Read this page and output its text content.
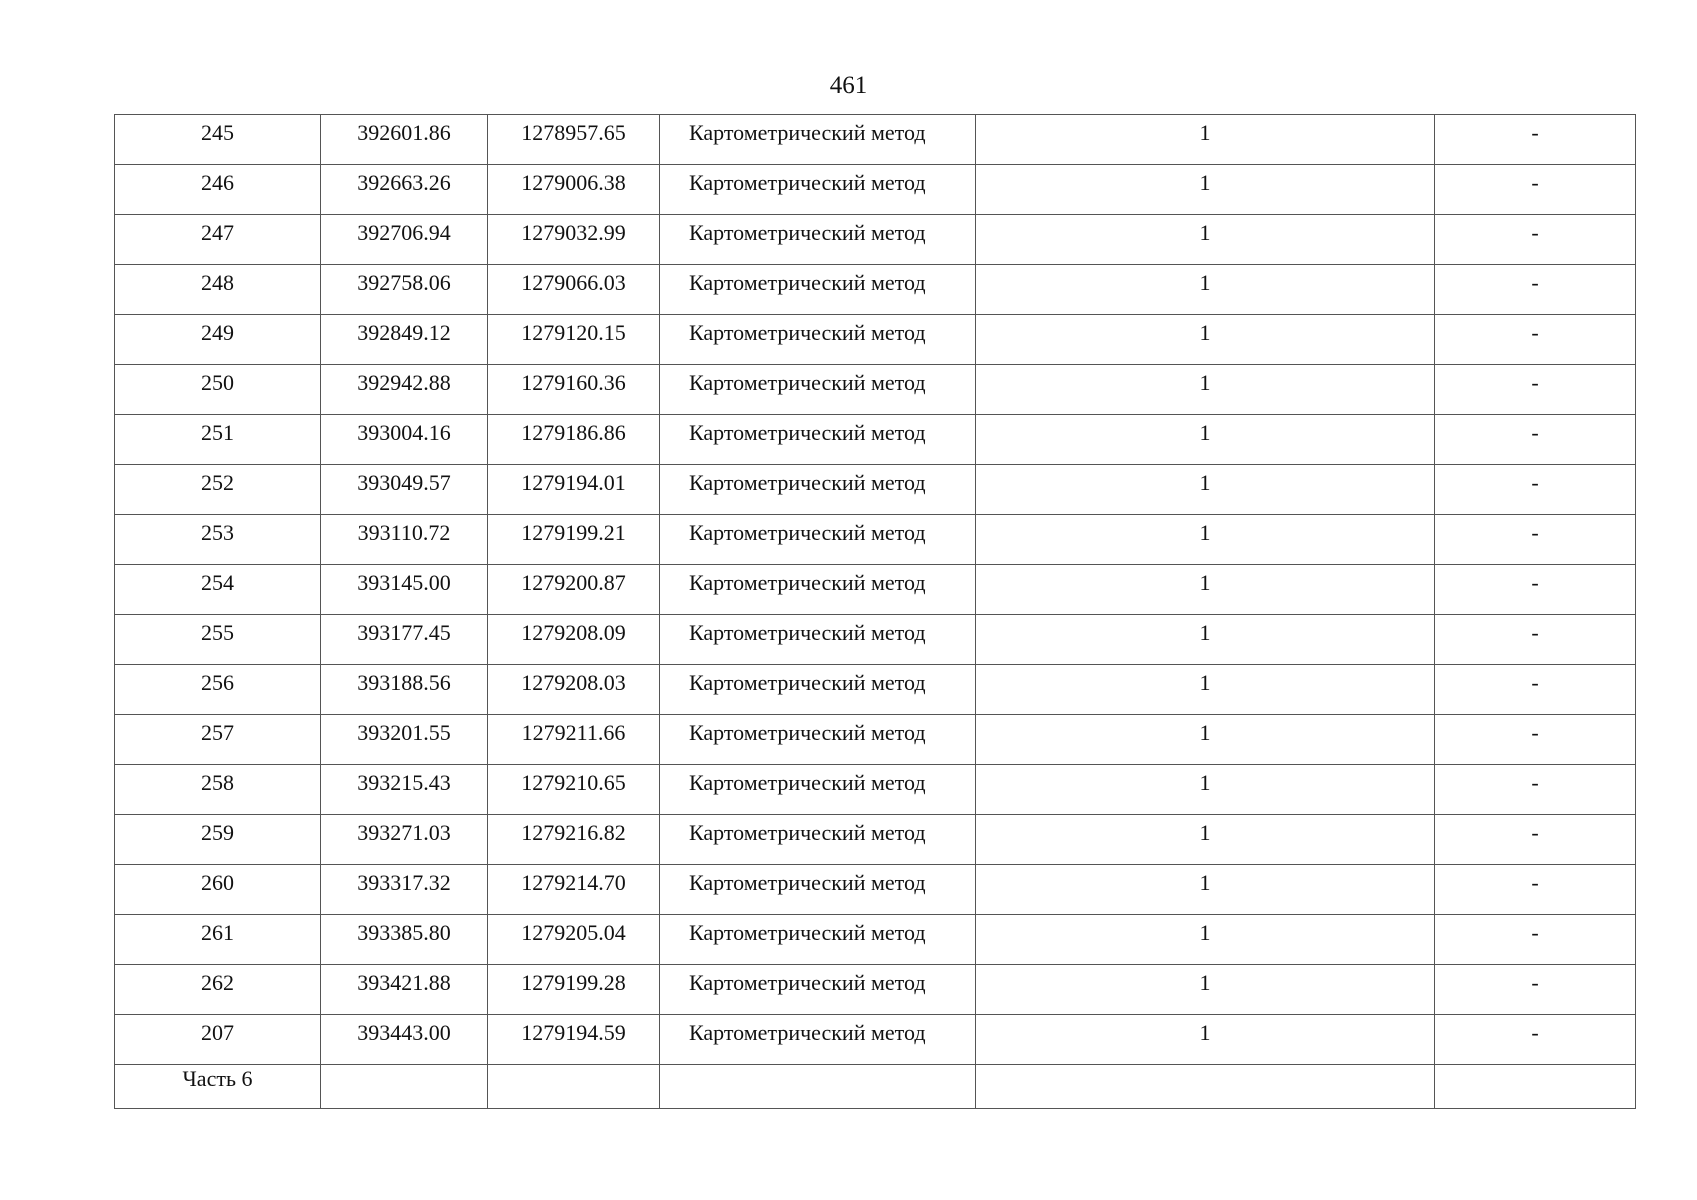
461
245	392601.86	1278957.65	Картометрический метод	1	-
246	392663.26	1279006.38	Картометрический метод	1	-
247	392706.94	1279032.99	Картометрический метод	1	-
248	392758.06	1279066.03	Картометрический метод	1	-
249	392849.12	1279120.15	Картометрический метод	1	-
250	392942.88	1279160.36	Картометрический метод	1	-
251	393004.16	1279186.86	Картометрический метод	1	-
252	393049.57	1279194.01	Картометрический метод	1	-
253	393110.72	1279199.21	Картометрический метод	1	-
254	393145.00	1279200.87	Картометрический метод	1	-
255	393177.45	1279208.09	Картометрический метод	1	-
256	393188.56	1279208.03	Картометрический метод	1	-
257	393201.55	1279211.66	Картометрический метод	1	-
258	393215.43	1279210.65	Картометрический метод	1	-
259	393271.03	1279216.82	Картометрический метод	1	-
260	393317.32	1279214.70	Картометрический метод	1	-
261	393385.80	1279205.04	Картометрический метод	1	-
262	393421.88	1279199.28	Картометрический метод	1	-
207	393443.00	1279194.59	Картометрический метод	1	-
Часть 6					
